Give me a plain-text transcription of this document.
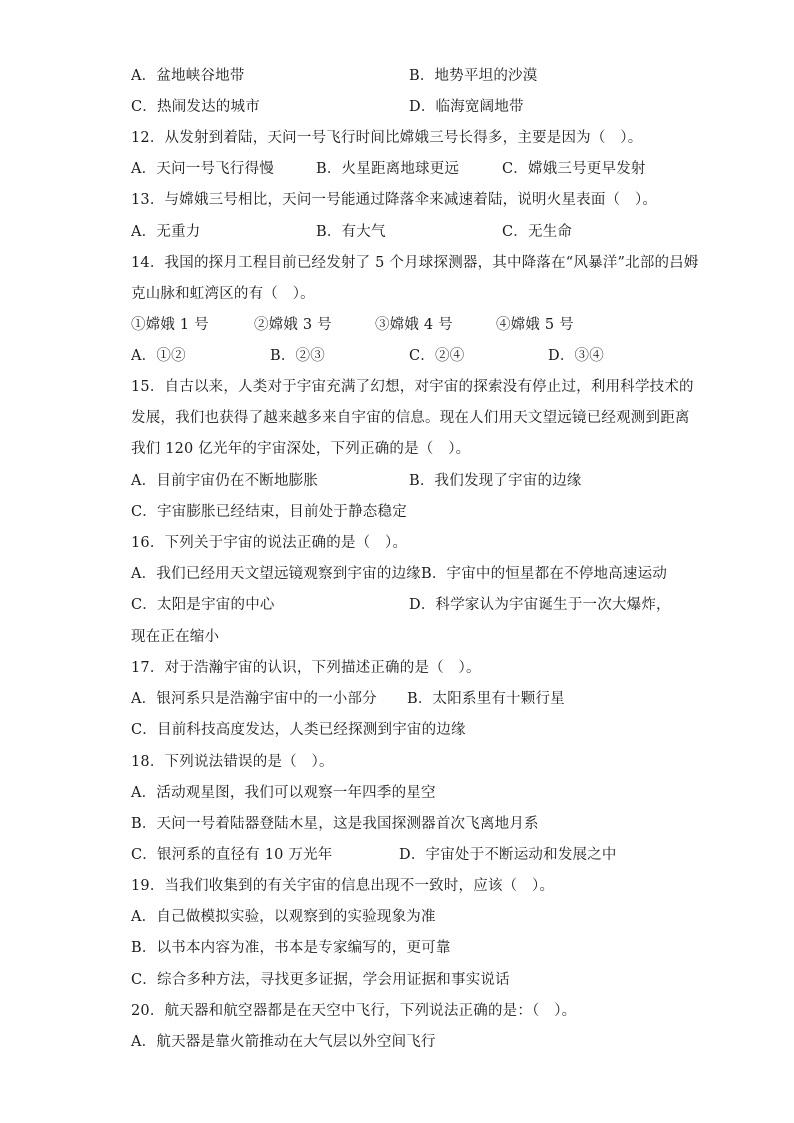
A．盆地峡谷地带	B．地势平坦的沙漠
C．热闹发达的城市	D．临海宽阔地带
12．从发射到着陆，天问一号飞行时间比嫦娥三号长得多，主要是因为（　）。
A．天问一号飞行得慢	B．火星距离地球更远	C．嫦娥三号更早发射
13．与嫦娥三号相比，天问一号能通过降落伞来减速着陆，说明火星表面（　）。
A．无重力	B．有大气	C．无生命
14．我国的探月工程目前已经发射了 5 个月球探测器，其中降落在“风暴洋”北部的吕姆
克山脉和虹湾区的有（　）。
①嫦娥 1 号	②嫦娥 3 号	③嫦娥 4 号	④嫦娥 5 号
A．①②	B．②③	C．②④	D．③④
15．自古以来，人类对于宇宙充满了幻想，对宇宙的探索没有停止过，利用科学技术的
发展，我们也获得了越来越多来自宇宙的信息。现在人们用天文望远镜已经观测到距离
我们 120 亿光年的宇宙深处，下列正确的是（　）。
A．目前宇宙仍在不断地膨胀	B．我们发现了宇宙的边缘
C．宇宙膨胀已经结束，目前处于静态稳定
16．下列关于宇宙的说法正确的是（　）。
A．我们已经用天文望远镜观察到宇宙的边缘B．宇宙中的恒星都在不停地高速运动
C．太阳是宇宙的中心	D．科学家认为宇宙诞生于一次大爆炸，
现在正在缩小
17．对于浩瀚宇宙的认识，下列描述正确的是（　）。
A．银河系只是浩瀚宇宙中的一小部分 B．太阳系里有十颗行星
C．目前科技高度发达，人类已经探测到宇宙的边缘
18．下列说法错误的是（　）。
A．活动观星图，我们可以观察一年四季的星空
B．天问一号着陆器登陆木星，这是我国探测器首次飞离地月系
C．银河系的直径有 10 万光年	D．宇宙处于不断运动和发展之中
19．当我们收集到的有关宇宙的信息出现不一致时，应该（　）。
A．自己做模拟实验，以观察到的实验现象为准
B．以书本内容为准，书本是专家编写的，更可靠
C．综合多种方法，寻找更多证据，学会用证据和事实说话
20．航天器和航空器都是在天空中飞行，下列说法正确的是：（　）。
A．航天器是靠火箭推动在大气层以外空间飞行
